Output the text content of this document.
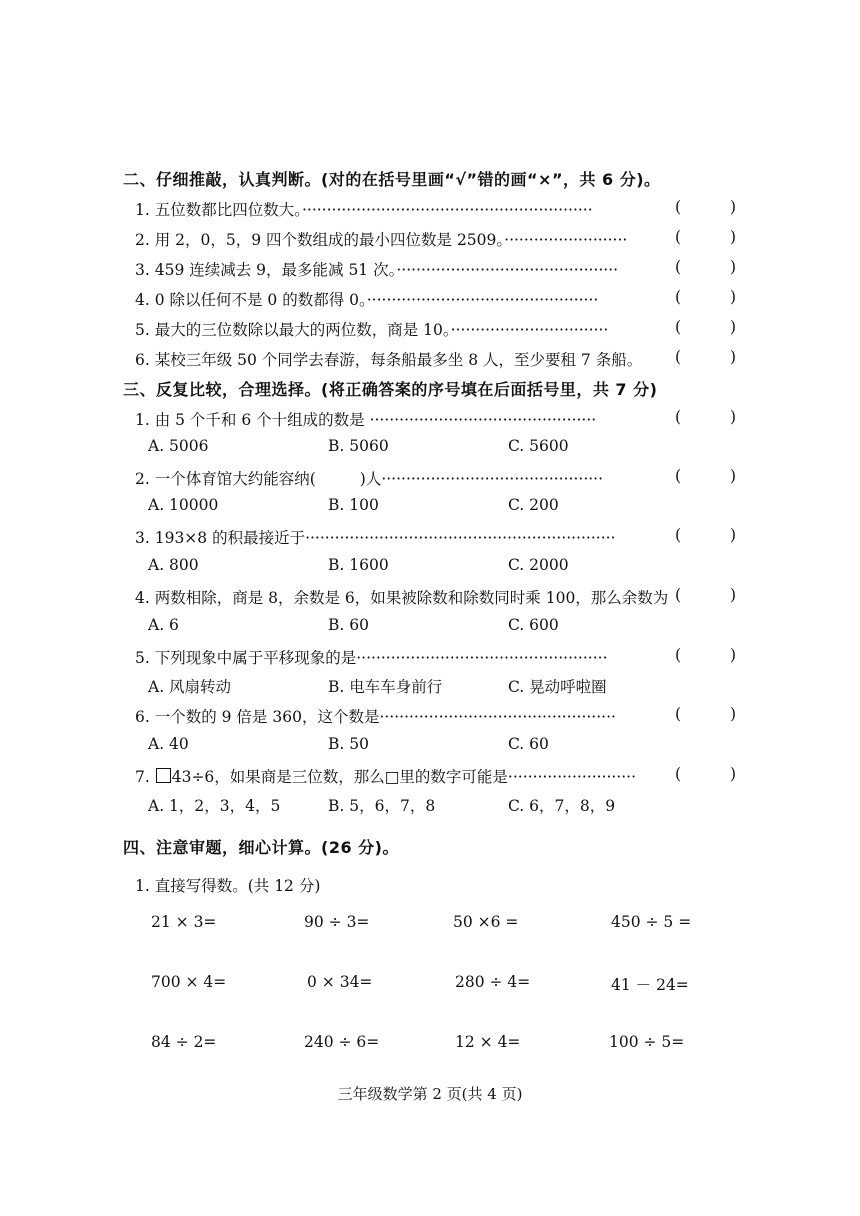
二、仔细推敲，认真判断。(对的在括号里画“√”错的画“×”，共 6 分)。
1. 五位数都比四位数大。···························································	(	)
2. 用 2，0，5，9 四个数组成的最小四位数是 2509。·························	(	)
3. 459 连续减去 9，最多能减 51 次。·············································	(	)
4. 0 除以任何不是 0 的数都得 0。···············································	(	)
5. 最大的三位数除以最大的两位数，商是 10。································	(	)
6. 某校三年级 50 个同学去春游，每条船最多坐 8 人，至少要租 7 条船。 (	)
三、反复比较，合理选择。(将正确答案的序号填在后面括号里，共 7 分)
1. 由 5 个千和 6 个十组成的数是 ··············································	(	)
A. 5006	B. 5060	C. 5600
2. 一个体育馆大约能容纳(	)人·············································	(	)
A. 10000	B. 100	C. 200
3. 193×8 的积最接近于·······························································	(	)
A. 800	B. 1600	C. 2000
4. 两数相除，商是 8，余数是 6，如果被除数和除数同时乘 100，那么余数为 (	)
A. 6	B. 60	C. 600
5. 下列现象中属于平移现象的是···················································	(	)
A. 风扇转动	B. 电车车身前行	C. 晃动呼啦圈
6. 一个数的 9 倍是 360，这个数是················································	(	)
A. 40	B. 50	C. 60
7. 43÷6，如果商是三位数，那么□里的数字可能是··························	(	)
A. 1，2，3，4，5	B. 5，6，7，8	C. 6，7，8，9
四、注意审题，细心计算。(26 分)。
1. 直接写得数。(共 12 分)
21 × 3=	90 ÷ 3=	50 ×6 =	450 ÷ 5 =
700 × 4=	0 × 34=	280 ÷ 4=	41 － 24=
84 ÷ 2=	240 ÷ 6=	12 × 4=	100 ÷ 5=
三年级数学第 2 页(共 4 页)
